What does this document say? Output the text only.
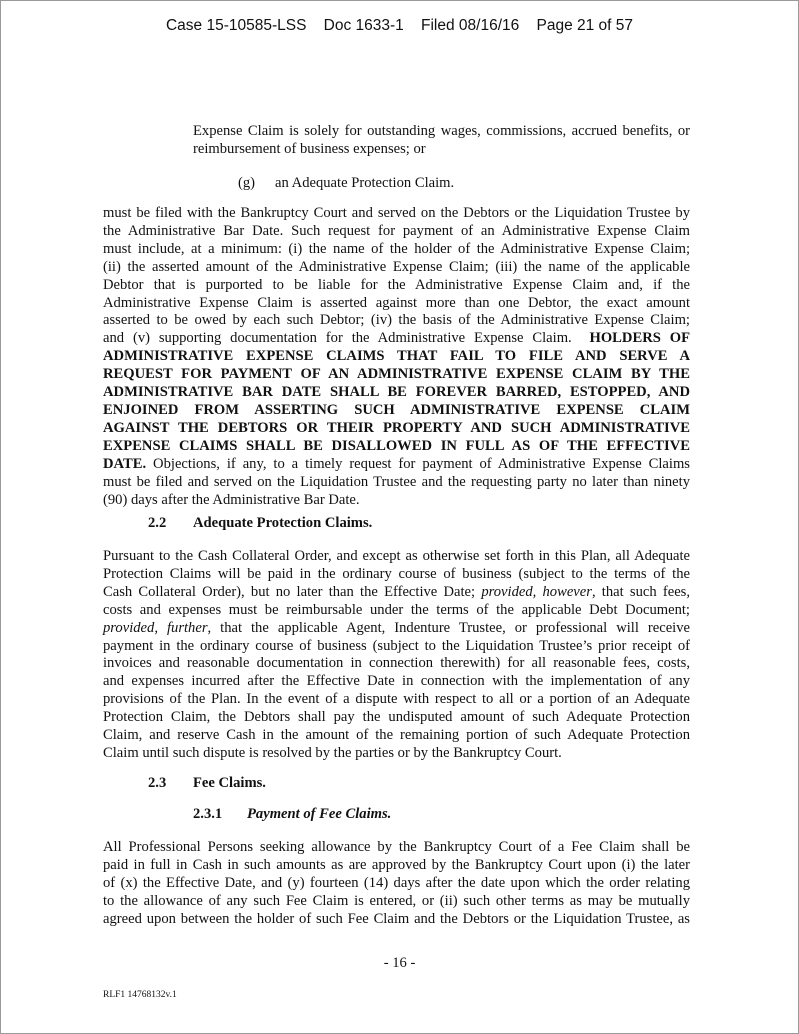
Case 15-10585-LSS    Doc 1633-1    Filed 08/16/16    Page 21 of 57
Expense Claim is solely for outstanding wages, commissions, accrued benefits, or
reimbursement of business expenses; or
(g) an Adequate Protection Claim.
must be filed with the Bankruptcy Court and served on the Debtors or the Liquidation Trustee by
the Administrative Bar Date. Such request for payment of an Administrative Expense Claim
must include, at a minimum: (i) the name of the holder of the Administrative Expense Claim;
(ii) the asserted amount of the Administrative Expense Claim; (iii) the name of the applicable
Debtor that is purported to be liable for the Administrative Expense Claim and, if the
Administrative Expense Claim is asserted against more than one Debtor, the exact amount
asserted to be owed by each such Debtor; (iv) the basis of the Administrative Expense Claim;
and (v) supporting documentation for the Administrative Expense Claim. HOLDERS OF
ADMINISTRATIVE EXPENSE CLAIMS THAT FAIL TO FILE AND SERVE A
REQUEST FOR PAYMENT OF AN ADMINISTRATIVE EXPENSE CLAIM BY THE
ADMINISTRATIVE BAR DATE SHALL BE FOREVER BARRED, ESTOPPED, AND
ENJOINED FROM ASSERTING SUCH ADMINISTRATIVE EXPENSE CLAIM
AGAINST THE DEBTORS OR THEIR PROPERTY AND SUCH ADMINISTRATIVE
EXPENSE CLAIMS SHALL BE DISALLOWED IN FULL AS OF THE EFFECTIVE
DATE. Objections, if any, to a timely request for payment of Administrative Expense Claims
must be filed and served on the Liquidation Trustee and the requesting party no later than ninety
(90) days after the Administrative Bar Date.
2.2 Adequate Protection Claims.
Pursuant to the Cash Collateral Order, and except as otherwise set forth in this Plan, all Adequate
Protection Claims will be paid in the ordinary course of business (subject to the terms of the
Cash Collateral Order), but no later than the Effective Date; provided, however, that such fees,
costs and expenses must be reimbursable under the terms of the applicable Debt Document;
provided, further, that the applicable Agent, Indenture Trustee, or professional will receive
payment in the ordinary course of business (subject to the Liquidation Trustee’s prior receipt of
invoices and reasonable documentation in connection therewith) for all reasonable fees, costs,
and expenses incurred after the Effective Date in connection with the implementation of any
provisions of the Plan. In the event of a dispute with respect to all or a portion of an Adequate
Protection Claim, the Debtors shall pay the undisputed amount of such Adequate Protection
Claim, and reserve Cash in the amount of the remaining portion of such Adequate Protection
Claim until such dispute is resolved by the parties or by the Bankruptcy Court.
2.3 Fee Claims.
2.3.1 Payment of Fee Claims.
All Professional Persons seeking allowance by the Bankruptcy Court of a Fee Claim shall be
paid in full in Cash in such amounts as are approved by the Bankruptcy Court upon (i) the later
of (x) the Effective Date, and (y) fourteen (14) days after the date upon which the order relating
to the allowance of any such Fee Claim is entered, or (ii) such other terms as may be mutually
agreed upon between the holder of such Fee Claim and the Debtors or the Liquidation Trustee, as
- 16 -
RLF1 14768132v.1
